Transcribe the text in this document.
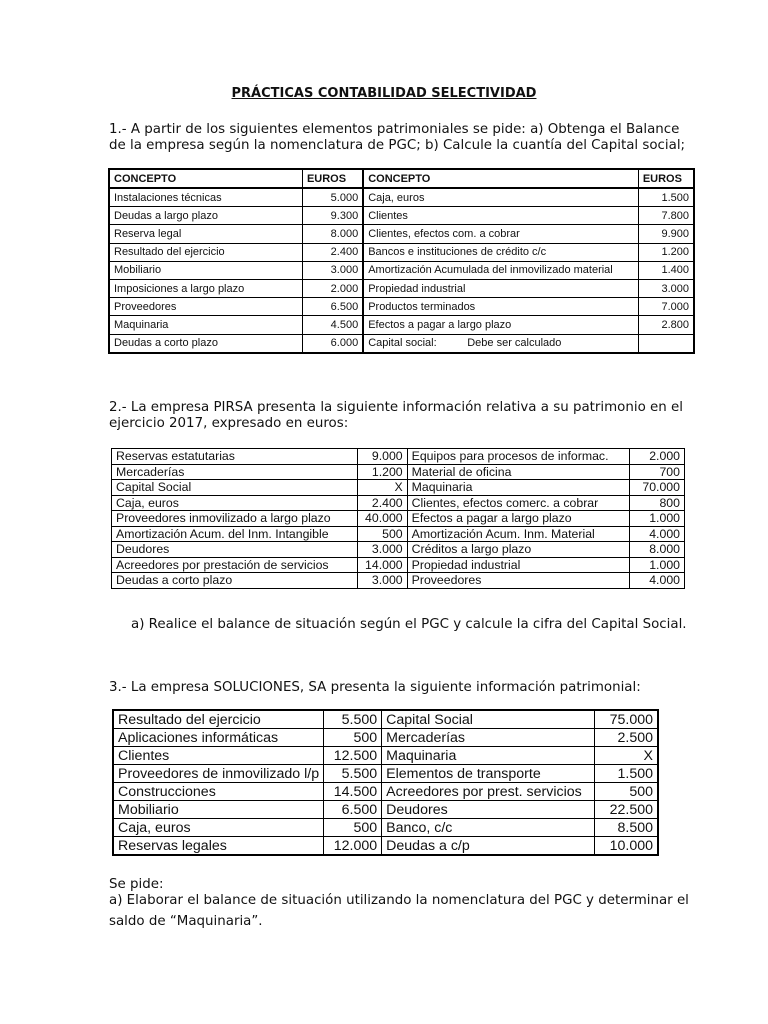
PRÁCTICAS CONTABILIDAD SELECTIVIDAD

1.- A partir de los siguientes elementos patrimoniales se pide: a) Obtenga el Balance

de la empresa según la nomenclatura de PGC; b) Calcule la cuantía del Capital social;

CONCEPTO	EUROS	CONCEPTO	EUROS
Instalaciones técnicas	5.000	Caja, euros	1.500
Deudas a largo plazo	9.300	Clientes	7.800
Reserva legal	8.000	Clientes, efectos com. a cobrar	9.900
Resultado del ejercicio	2.400	Bancos e instituciones de crédito c/c	1.200
Mobiliario	3.000	Amortización Acumulada del inmovilizado material	1.400
Imposiciones a largo plazo	2.000	Propiedad industrial	3.000
Proveedores	6.500	Productos terminados	7.000
Maquinaria	4.500	Efectos a pagar a largo plazo	2.800
Deudas a corto plazo	6.000	Capital social:          Debe ser calculado	

2.- La empresa PIRSA presenta la siguiente información relativa a su patrimonio en el

ejercicio 2017, expresado en euros:

Reservas estatutarias	9.000	Equipos para procesos de informac.	2.000
Mercaderías	1.200	Material de oficina	700
Capital Social	X	Maquinaria	70.000
Caja, euros	2.400	Clientes, efectos comerc. a cobrar	800
Proveedores inmovilizado a largo plazo	40.000	Efectos a pagar a largo plazo	1.000
Amortización Acum. del Inm. Intangible	500	Amortización Acum. Inm. Material	4.000
Deudores	3.000	Créditos a largo plazo	8.000
Acreedores por prestación de servicios	14.000	Propiedad industrial	1.000
Deudas a corto plazo	3.000	Proveedores	4.000

a) Realice el balance de situación según el PGC y calcule la cifra del Capital Social.

3.- La empresa SOLUCIONES, SA presenta la siguiente información patrimonial:

Resultado del ejercicio	5.500	Capital Social	75.000
Aplicaciones informáticas	500	Mercaderías	2.500
Clientes	12.500	Maquinaria	X
Proveedores de inmovilizado l/p	5.500	Elementos de transporte	1.500
Construcciones	14.500	Acreedores por prest. servicios	500
Mobiliario	6.500	Deudores	22.500
Caja, euros	500	Banco, c/c	8.500
Reservas legales	12.000	Deudas a c/p	10.000

Se pide:

a) Elaborar el balance de situación utilizando la nomenclatura del PGC y determinar el

saldo de “Maquinaria”.
